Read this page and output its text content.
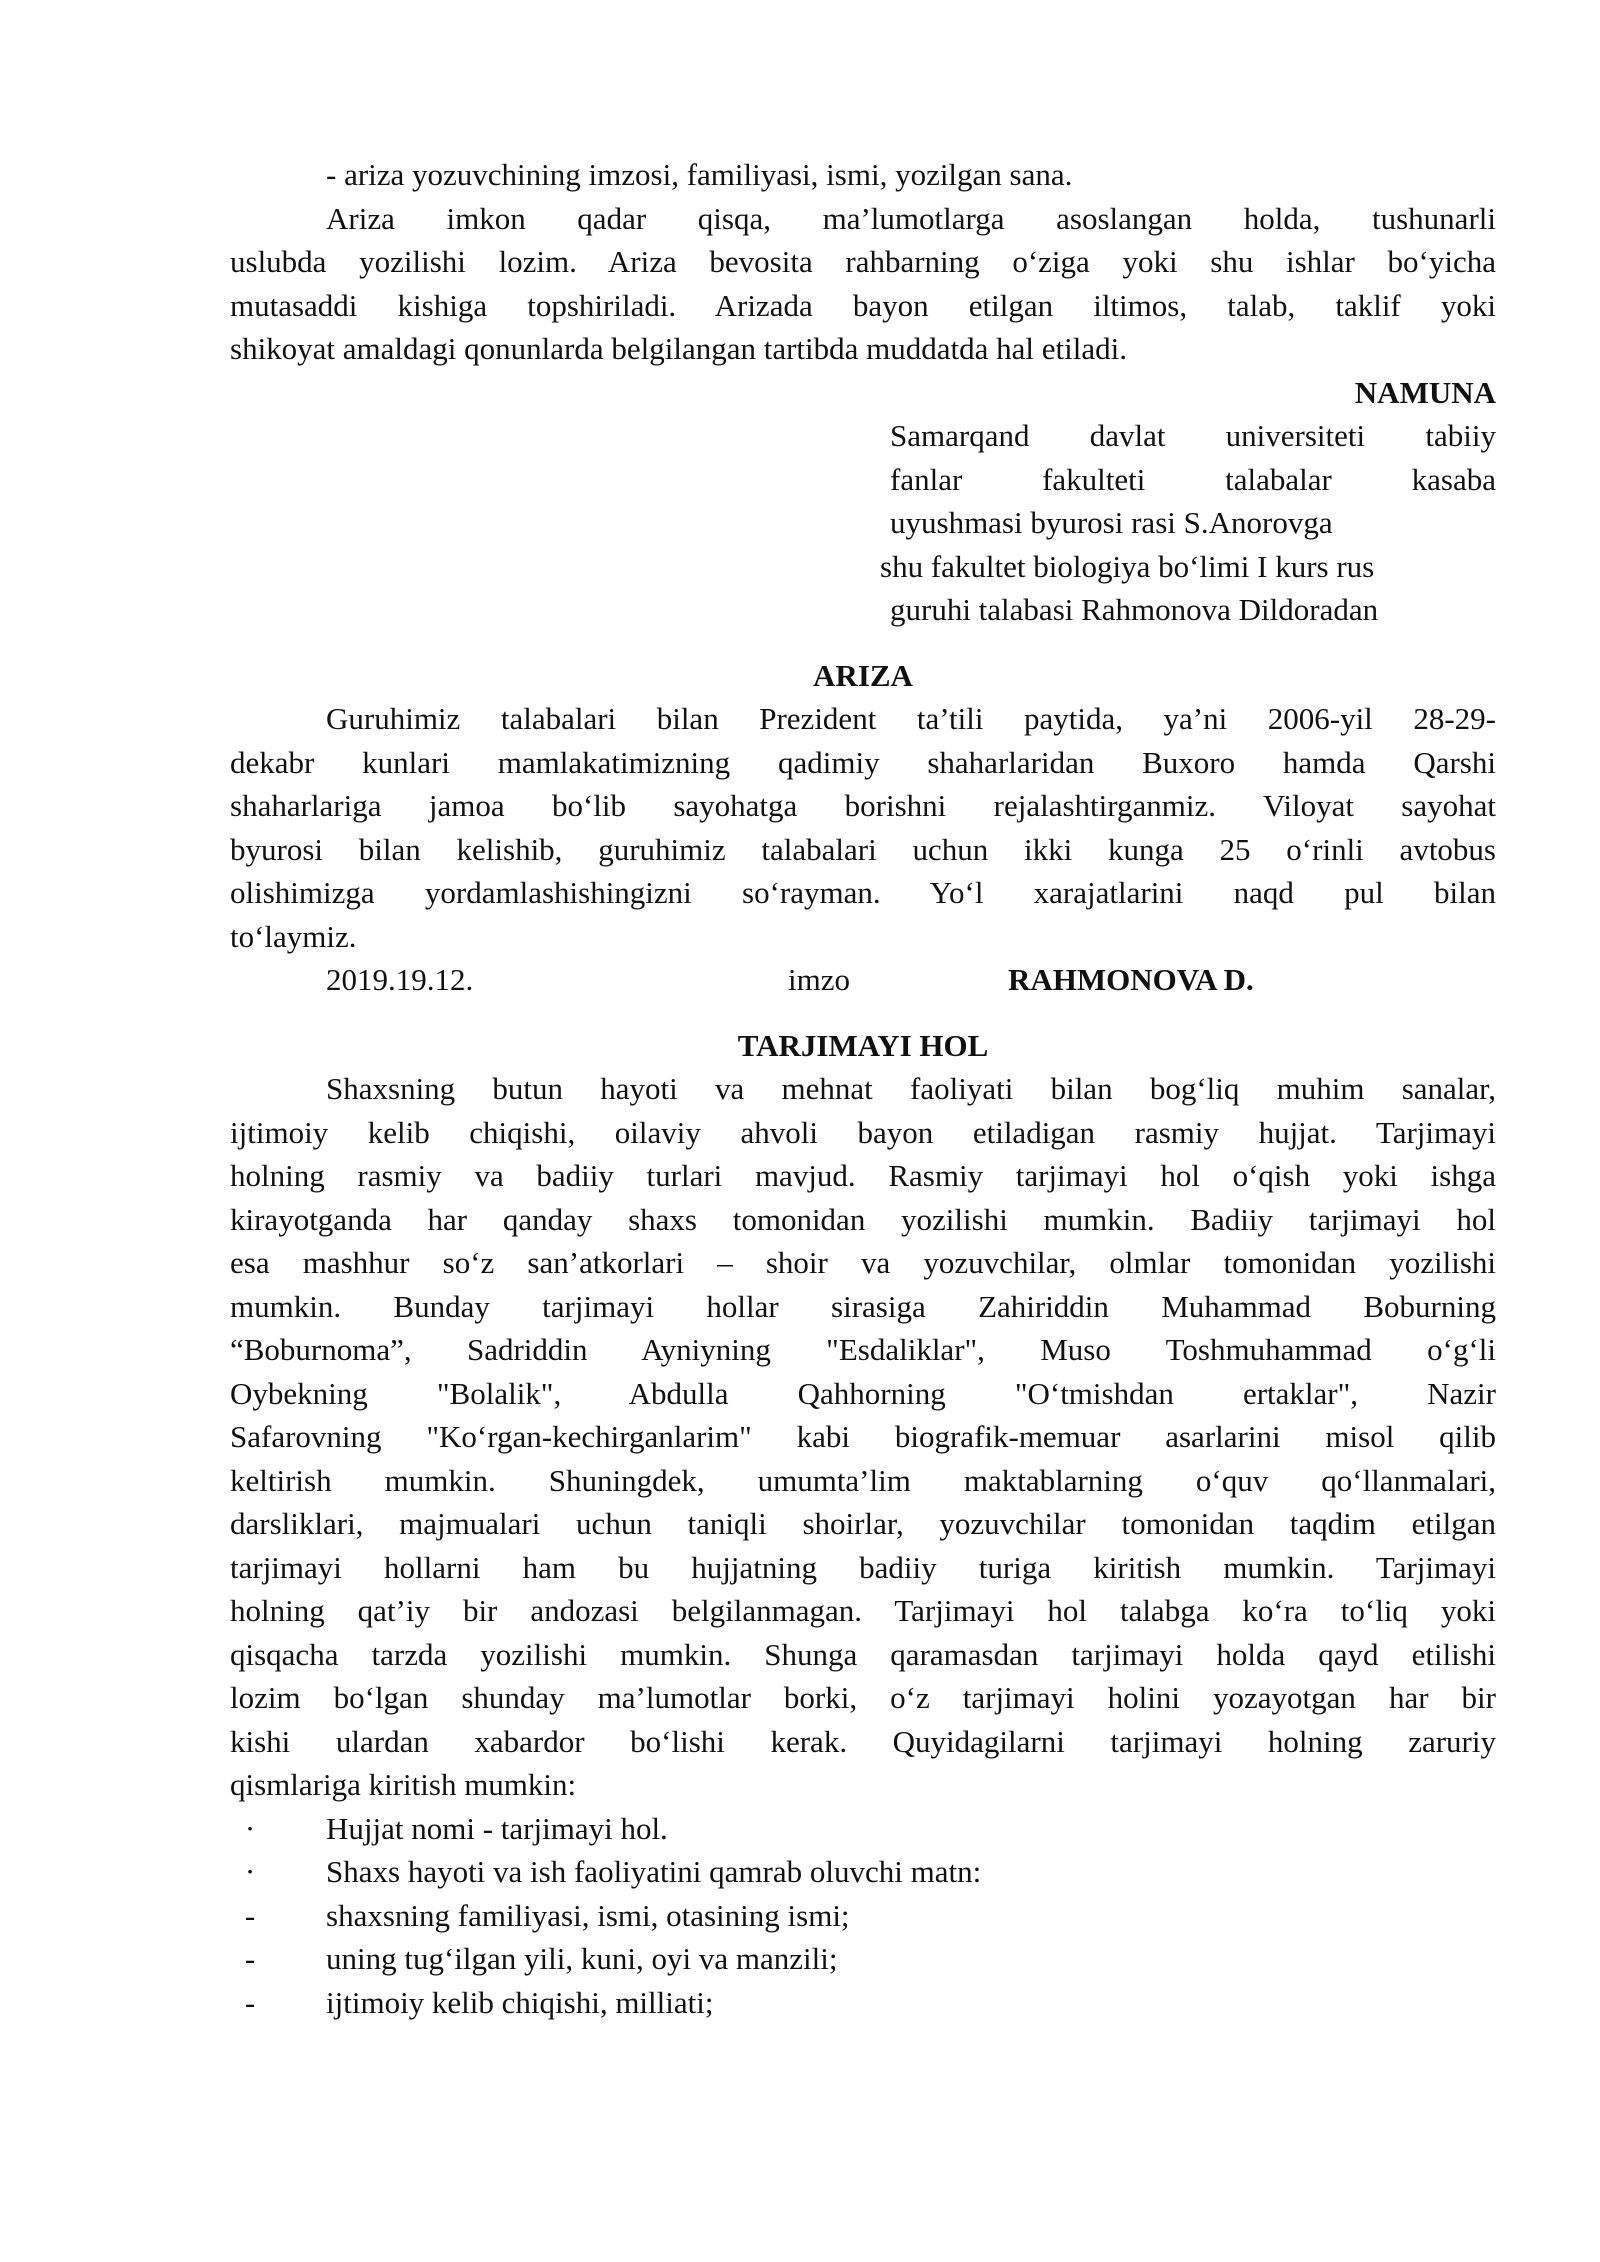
- ariza yozuvchining imzosi, familiyasi, ismi, yozilgan sana.

Ariza imkon qadar qisqa, ma’lumotlarga asoslangan holda, tushunarli

uslubda yozilishi lozim. Ariza bevosita rahbarning o‘ziga yoki shu ishlar bo‘yicha

mutasaddi kishiga topshiriladi. Arizada bayon etilgan iltimos, talab, taklif yoki

shikoyat amaldagi qonunlarda belgilangan tartibda muddatda hal etiladi.

NAMUNA

Samarqand davlat universiteti tabiiy

fanlar fakulteti talabalar kasaba

uyushmasi byurosi rasi S.Anorovga

shu fakultet biologiya bo‘limi I kurs rus

guruhi talabasi Rahmonova Dildoradan

ARIZA

Guruhimiz talabalari bilan Prezident ta’tili paytida, ya’ni 2006-yil 28-29-

dekabr kunlari mamlakatimizning qadimiy shaharlaridan Buxoro hamda Qarshi

shaharlariga jamoa bo‘lib sayohatga borishni rejalashtirganmiz. Viloyat sayohat

byurosi bilan kelishib, guruhimiz talabalari uchun ikki kunga 25 o‘rinli avtobus

olishimizga yordamlashishingizni so‘rayman. Yo‘l xarajatlarini naqd pul bilan

to‘laymiz.

2019.19.12.	imzo	RAHMONOVA D.

TARJIMAYI HOL

Shaxsning butun hayoti va mehnat faoliyati bilan bog‘liq muhim sanalar,

ijtimoiy kelib chiqishi, oilaviy ahvoli bayon etiladigan rasmiy hujjat. Tarjimayi

holning rasmiy va badiiy turlari mavjud. Rasmiy tarjimayi hol o‘qish yoki ishga

kirayotganda har qanday shaxs tomonidan yozilishi mumkin. Badiiy tarjimayi hol

esa mashhur so‘z san’atkorlari – shoir va yozuvchilar, olmlar tomonidan yozilishi

mumkin. Bunday tarjimayi hollar sirasiga Zahiriddin Muhammad Boburning

“Boburnoma”, Sadriddin Ayniyning "Esdaliklar", Muso Toshmuhammad o‘g‘li

Oybekning "Bolalik", Abdulla Qahhorning "O‘tmishdan ertaklar", Nazir

Safarovning "Ko‘rgan-kechirganlarim" kabi biografik-memuar asarlarini misol qilib

keltirish mumkin. Shuningdek, umumta’lim maktablarning o‘quv qo‘llanmalari,

darsliklari, majmualari uchun taniqli shoirlar, yozuvchilar tomonidan taqdim etilgan

tarjimayi hollarni ham bu hujjatning badiiy turiga kiritish mumkin. Tarjimayi

holning qat’iy bir andozasi belgilanmagan. Tarjimayi hol talabga ko‘ra to‘liq yoki

qisqacha tarzda yozilishi mumkin. Shunga qaramasdan tarjimayi holda qayd etilishi

lozim bo‘lgan shunday ma’lumotlar borki, o‘z tarjimayi holini yozayotgan har bir

kishi ulardan xabardor bo‘lishi kerak. Quyidagilarni tarjimayi holning zaruriy

qismlariga kiritish mumkin:

·	Hujjat nomi - tarjimayi hol.
·	Shaxs hayoti va ish faoliyatini qamrab oluvchi matn:
-	shaxsning familiyasi, ismi, otasining ismi;
-	uning tug‘ilgan yili, kuni, oyi va manzili;
-	ijtimoiy kelib chiqishi, milliati;
